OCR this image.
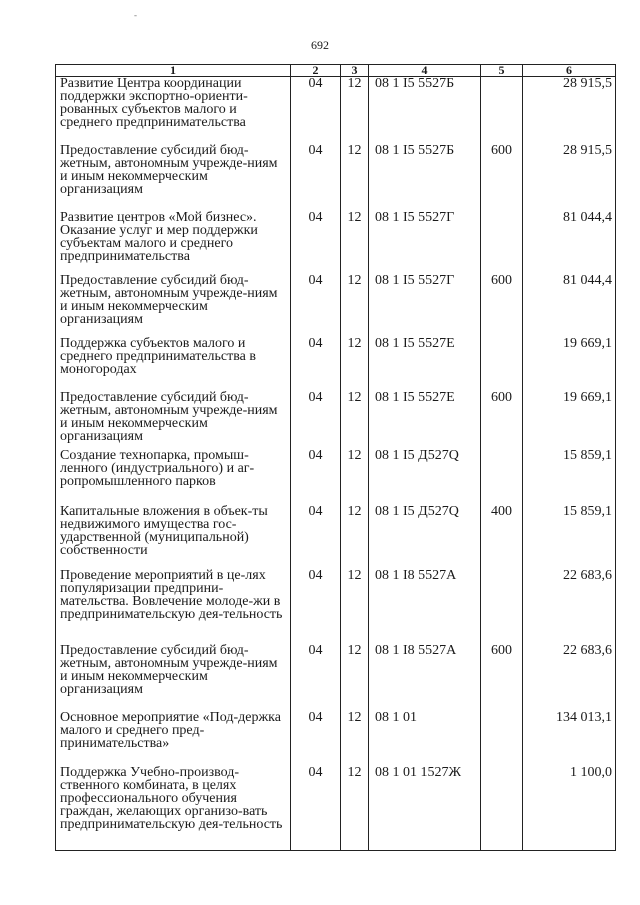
-
692
1	2	3	4	5	6
Развитие Центра координации поддержки экспортно-ориенти-рованных субъектов малого и среднего предпринимательства	04	12	08 1 I5 5527Б		28 915,5
Предоставление субсидий бюд-жетным, автономным учрежде-ниям и иным некоммерческим организациям	04	12	08 1 I5 5527Б	600	28 915,5
Развитие центров «Мой бизнес». Оказание услуг и мер поддержки субъектам малого и среднего предпринимательства	04	12	08 1 I5 5527Г		81 044,4
Предоставление субсидий бюд-жетным, автономным учрежде-ниям и иным некоммерческим организациям	04	12	08 1 I5 5527Г	600	81 044,4
Поддержка субъектов малого и среднего предпринимательства в моногородах	04	12	08 1 I5 5527Е		19 669,1
Предоставление субсидий бюд-жетным, автономным учрежде-ниям и иным некоммерческим организациям	04	12	08 1 I5 5527Е	600	19 669,1
Создание технопарка, промыш-ленного (индустриального) и аг-ропромышленного парков	04	12	08 1 I5 Д527Q		15 859,1
Капитальные вложения в объек-ты недвижимого имущества гос-ударственной (муниципальной) собственности	04	12	08 1 I5 Д527Q	400	15 859,1
Проведение мероприятий в це-лях популяризации предприни-мательства. Вовлечение молоде-жи в предпринимательскую дея-тельность	04	12	08 1 I8 5527А		22 683,6
Предоставление субсидий бюд-жетным, автономным учрежде-ниям и иным некоммерческим организациям	04	12	08 1 I8 5527А	600	22 683,6
Основное мероприятие «Под-держка малого и среднего пред-принимательства»	04	12	08 1 01		134 013,1
Поддержка Учебно-производ-ственного комбината, в целях профессионального обучения граждан, желающих организо-вать предпринимательскую дея-тельность	04	12	08 1 01 1527Ж		1 100,0
